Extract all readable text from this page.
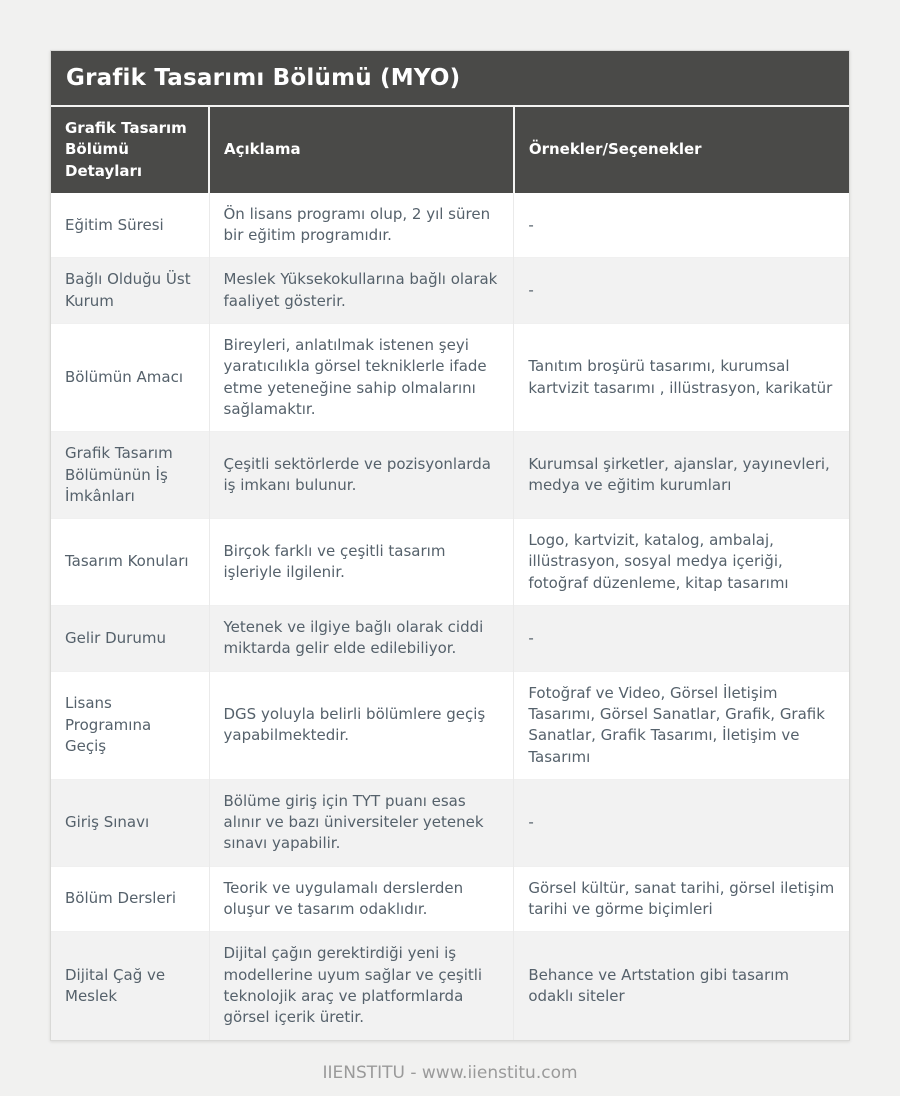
Grafik Tasarımı Bölümü (MYO)
Grafik Tasarım Bölümü Detayları	Açıklama	Örnekler/Seçenekler
Eğitim Süresi	Ön lisans programı olup, 2 yıl süren bir eğitim programıdır.	-
Bağlı Olduğu Üst Kurum	Meslek Yüksekokullarına bağlı olarak faaliyet gösterir.	-
Bölümün Amacı	Bireyleri, anlatılmak istenen şeyi yaratıcılıkla görsel tekniklerle ifade etme yeteneğine sahip olmalarını sağlamaktır.	Tanıtım broşürü tasarımı, kurumsal kartvizit tasarımı , illüstrasyon, karikatür
Grafik Tasarım Bölümünün İş İmkânları	Çeşitli sektörlerde ve pozisyonlarda iş imkanı bulunur.	Kurumsal şirketler, ajanslar, yayınevleri, medya ve eğitim kurumları
Tasarım Konuları	Birçok farklı ve çeşitli tasarım işleriyle ilgilenir.	Logo, kartvizit, katalog, ambalaj, illüstrasyon, sosyal medya içeriği, fotoğraf düzenleme, kitap tasarımı
Gelir Durumu	Yetenek ve ilgiye bağlı olarak ciddi miktarda gelir elde edilebiliyor.	-
Lisans Programına Geçiş	DGS yoluyla belirli bölümlere geçiş yapabilmektedir.	Fotoğraf ve Video, Görsel İletişim Tasarımı, Görsel Sanatlar, Grafik, Grafik Sanatlar, Grafik Tasarımı, İletişim ve Tasarımı
Giriş Sınavı	Bölüme giriş için TYT puanı esas alınır ve bazı üniversiteler yetenek sınavı yapabilir.	-
Bölüm Dersleri	Teorik ve uygulamalı derslerden oluşur ve tasarım odaklıdır.	Görsel kültür, sanat tarihi, görsel iletişim tarihi ve görme biçimleri
Dijital Çağ ve Meslek	Dijital çağın gerektirdiği yeni iş modellerine uyum sağlar ve çeşitli teknolojik araç ve platformlarda görsel içerik üretir.	Behance ve Artstation gibi tasarım odaklı siteler
IIENSTITU - www.iienstitu.com
